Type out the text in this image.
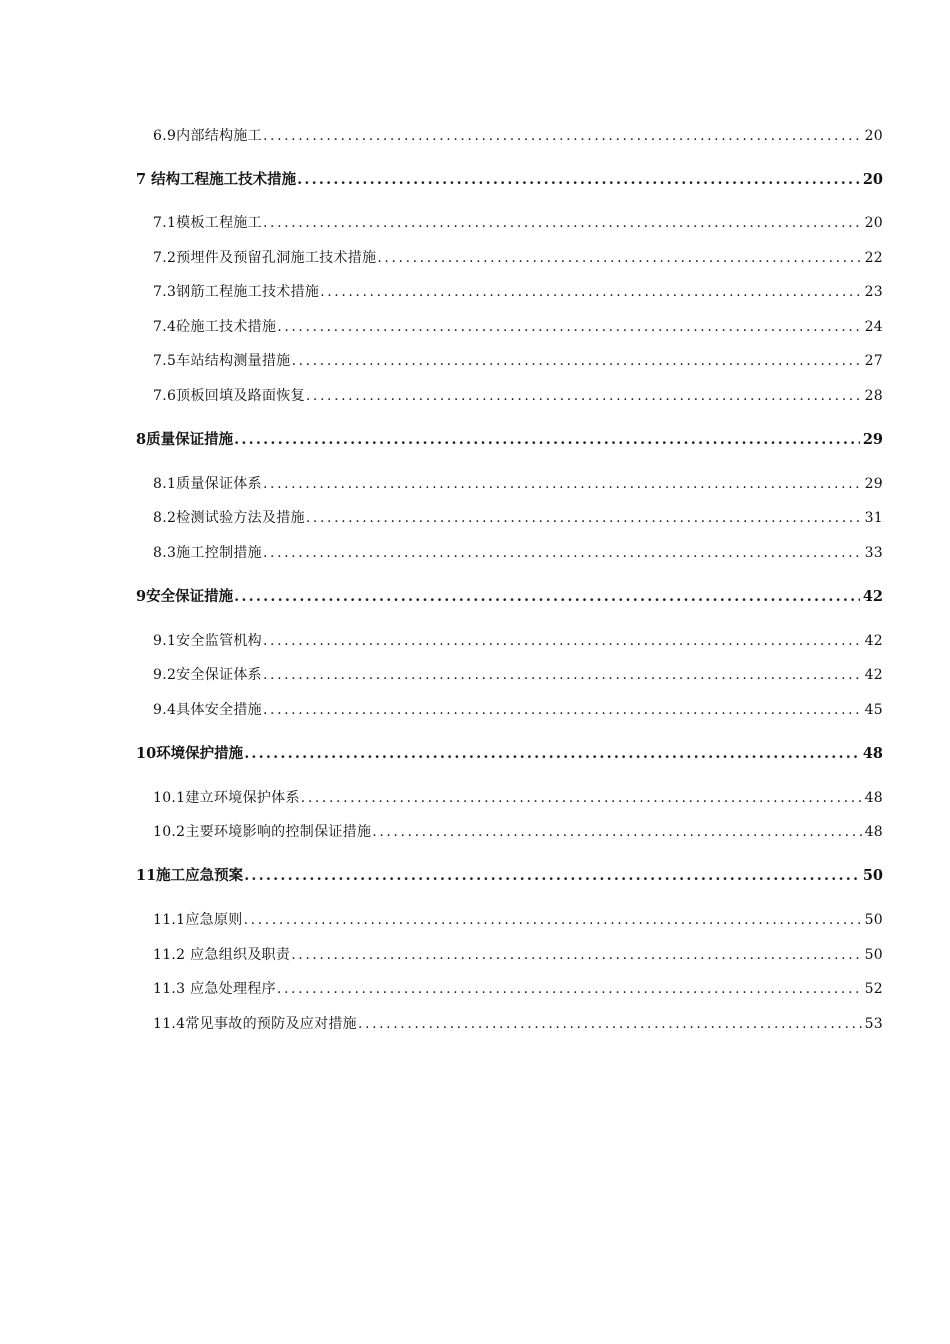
6.9内部结构施工 .....	20
7 结构工程施工技术措施 .....	20
7.1模板工程施工 .....	20
7.2预埋件及预留孔洞施工技术措施 .....	22
7.3钢筋工程施工技术措施 .....	23
7.4砼施工技术措施 .....	24
7.5车站结构测量措施 .....	27
7.6顶板回填及路面恢复 .....	28
8质量保证措施 .....	29
8.1质量保证体系 .....	29
8.2检测试验方法及措施 .....	31
8.3施工控制措施 .....	33
9安全保证措施 .....	42
9.1安全监管机构 .....	42
9.2安全保证体系 .....	42
9.4具体安全措施 .....	45
10环境保护措施 .....	48
10.1建立环境保护体系 .....	48
10.2主要环境影响的控制保证措施 .....	48
11施工应急预案 .....	50
11.1应急原则 .....	50
11.2 应急组织及职责 .....	50
11.3 应急处理程序 .....	52
11.4常见事故的预防及应对措施 .....	53
